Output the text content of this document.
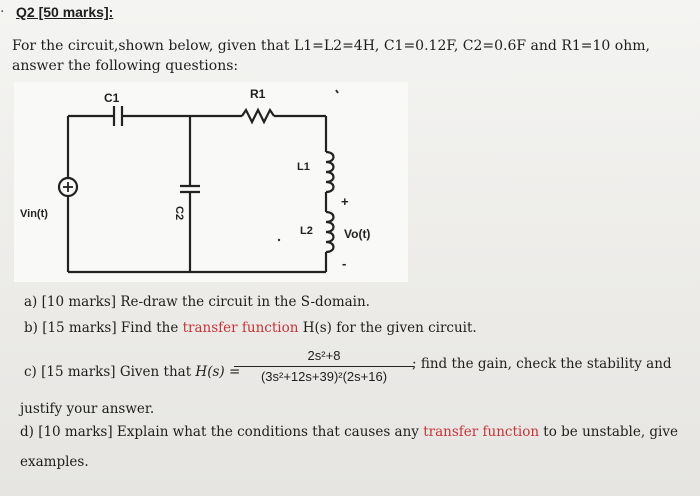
· Q2 [50 marks]:
For the circuit,shown below, given that L1=L2=4H, C1=0.12F, C2=0.6F and R1=10 ohm, answer the following questions:
C1	R1
L1
L2	Vo(t)
+
-
Vin(t)	C2
a) [10 marks] Re-draw the circuit in the S-domain.
b) [15 marks] Find the transfer function H(s) for the given circuit.
c) [15 marks] Given that H(s) =
2s²+8
(3s²+12s+39)²(2s+16)
; find the gain, check the stability and
justify your answer.
d) [10 marks] Explain what the conditions that causes any transfer function to be unstable, give
examples.
